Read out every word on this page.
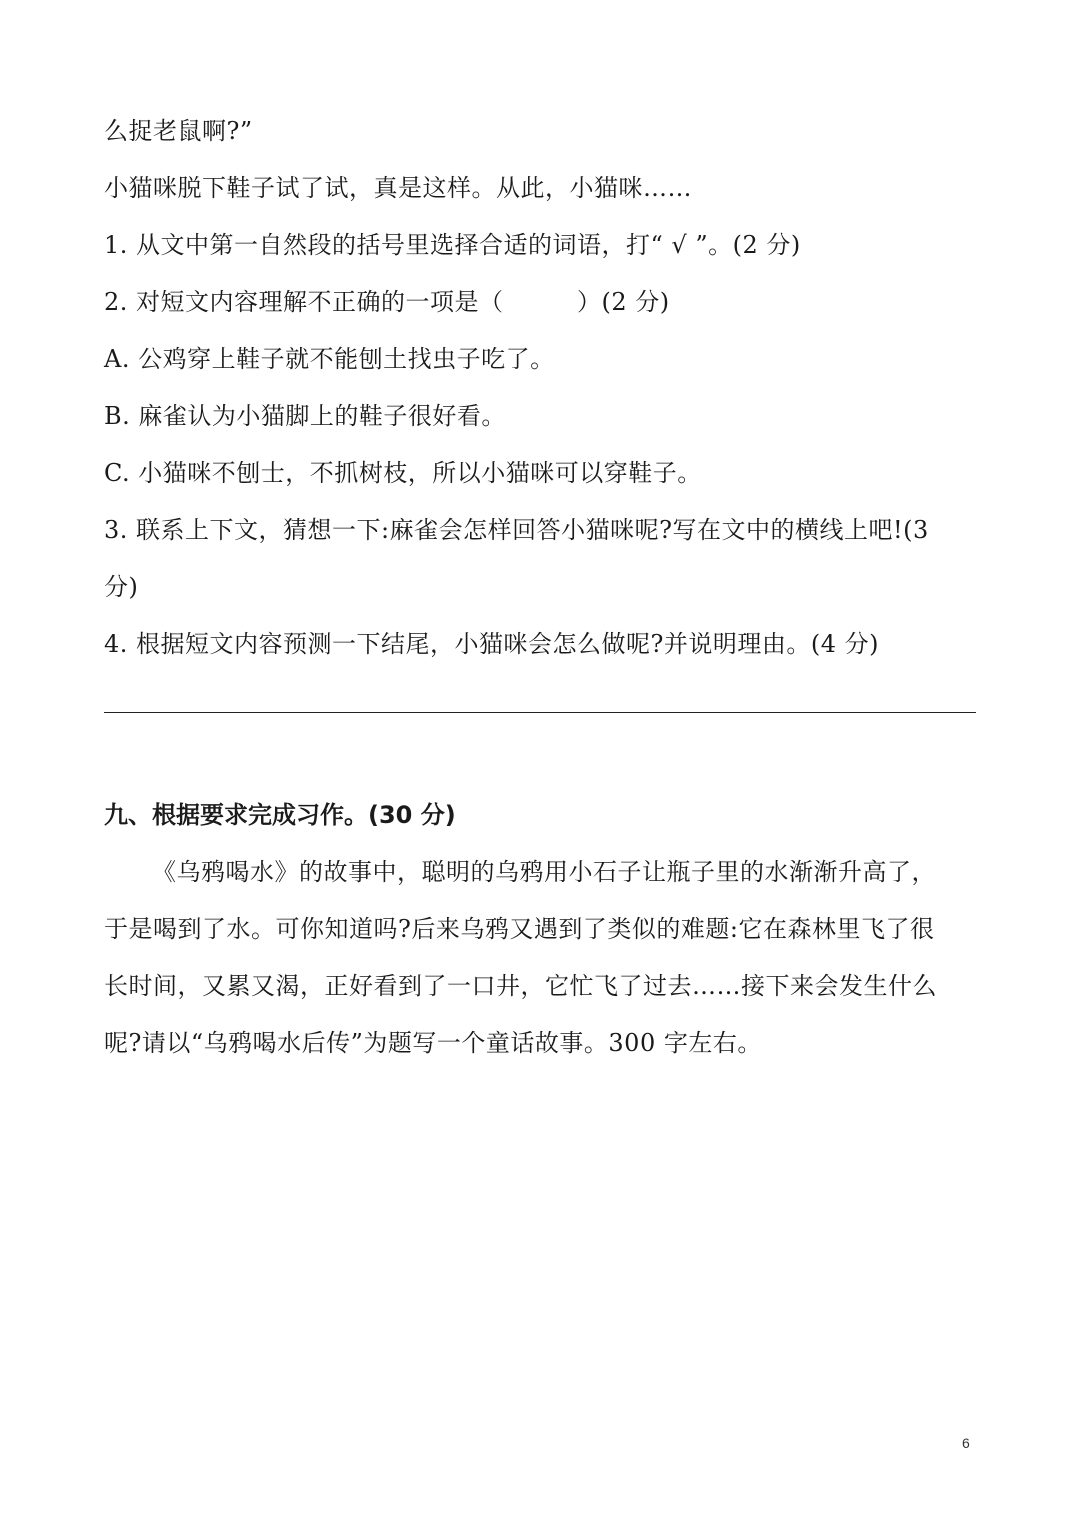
么捉老鼠啊?”
小猫咪脱下鞋子试了试，真是这样。从此，小猫咪……
1. 从文中第一自然段的括号里选择合适的词语，打“ √ ”。(2 分)
2. 对短文内容理解不正确的一项是（　　　）(2 分)
A. 公鸡穿上鞋子就不能刨土找虫子吃了。
B. 麻雀认为小猫脚上的鞋子很好看。
C. 小猫咪不刨士，不抓树枝，所以小猫咪可以穿鞋子。
3. 联系上下文，猜想一下:麻雀会怎样回答小猫咪呢?写在文中的横线上吧!(3
分)
4. 根据短文内容预测一下结尾，小猫咪会怎么做呢?并说明理由。(4 分)
九、根据要求完成习作。(30 分)
《乌鸦喝水》的故事中，聪明的乌鸦用小石子让瓶子里的水渐渐升高了，
于是喝到了水。可你知道吗?后来乌鸦又遇到了类似的难题:它在森林里飞了很
长时间，又累又渴，正好看到了一口井，它忙飞了过去……接下来会发生什么
呢?请以“乌鸦喝水后传”为题写一个童话故事。300 字左右。
6
